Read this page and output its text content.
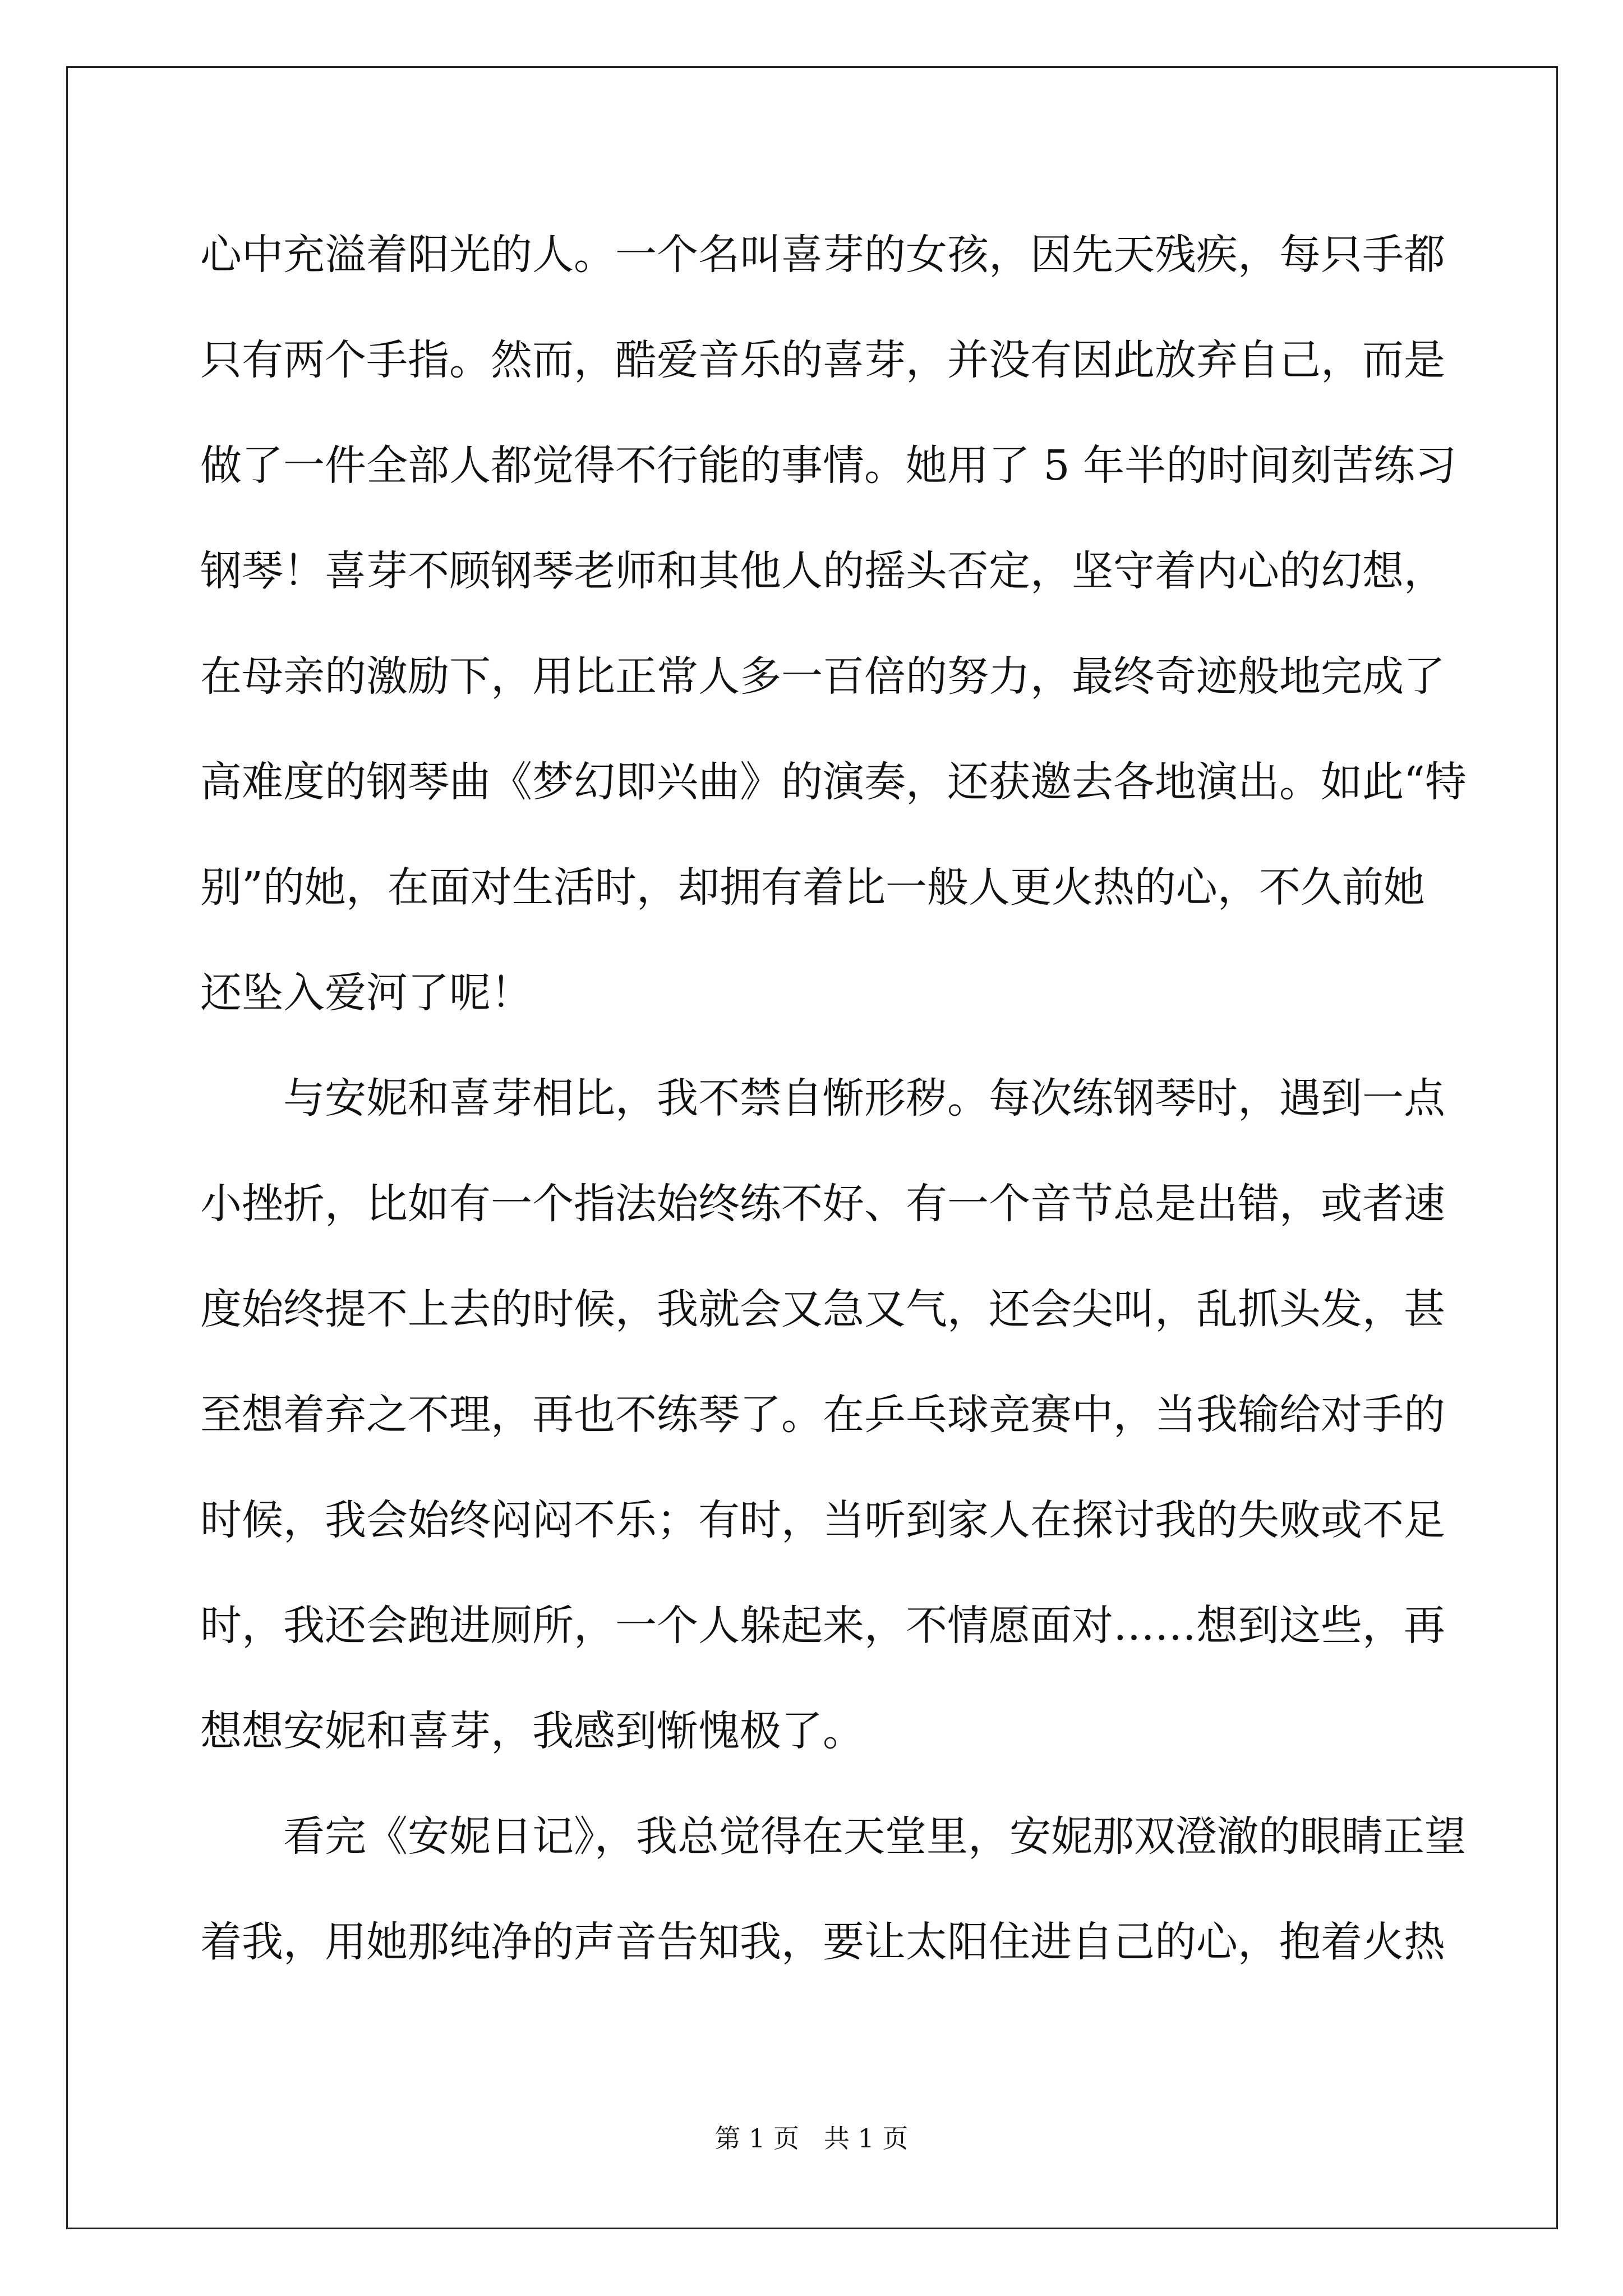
心中充溢着阳光的人。一个名叫喜芽的女孩，因先天残疾，每只手都
只有两个手指。然而，酷爱音乐的喜芽，并没有因此放弃自己，而是
做了一件全部人都觉得不行能的事情。她用了 5 年半的时间刻苦练习
钢琴！喜芽不顾钢琴老师和其他人的摇头否定，坚守着内心的幻想，
在母亲的激励下，用比正常人多一百倍的努力，最终奇迹般地完成了
高难度的钢琴曲《梦幻即兴曲》的演奏，还获邀去各地演出。如此“特
别”的她，在面对生活时，却拥有着比一般人更火热的心，不久前她
还坠入爱河了呢！
与安妮和喜芽相比，我不禁自惭形秽。每次练钢琴时，遇到一点
小挫折，比如有一个指法始终练不好、有一个音节总是出错，或者速
度始终提不上去的时候，我就会又急又气，还会尖叫，乱抓头发，甚
至想着弃之不理，再也不练琴了。在乒乓球竞赛中，当我输给对手的
时候，我会始终闷闷不乐；有时，当听到家人在探讨我的失败或不足
时，我还会跑进厕所，一个人躲起来，不情愿面对……想到这些，再
想想安妮和喜芽，我感到惭愧极了。
看完《安妮日记》，我总觉得在天堂里，安妮那双澄澈的眼睛正望
着我，用她那纯净的声音告知我，要让太阳住进自己的心，抱着火热
第 1 页   共 1 页
